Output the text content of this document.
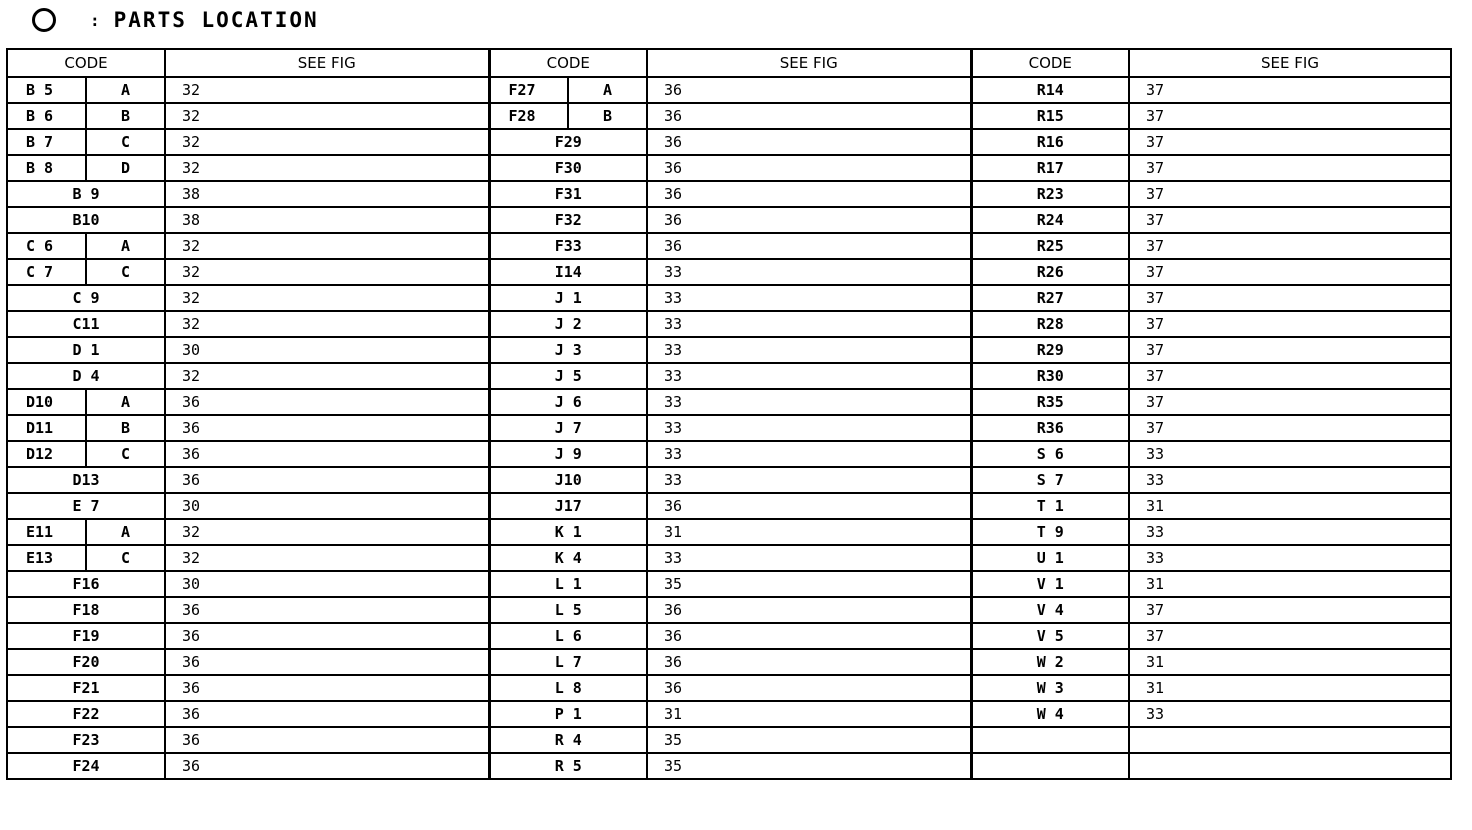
: PARTS LOCATION
CODE		SEE FIG	CODE		SEE FIG	CODE	SEE FIG
B 5	A	32	F27	A	36	R14	37
B 6	B	32	F28	B	36	R15	37
B 7	C	32	F29		36	R16	37
B 8	D	32	F30		36	R17	37
B 9		38	F31		36	R23	37
B10		38	F32		36	R24	37
C 6	A	32	F33		36	R25	37
C 7	C	32	I14		33	R26	37
C 9		32	J 1		33	R27	37
C11		32	J 2		33	R28	37
D 1		30	J 3		33	R29	37
D 4		32	J 5		33	R30	37
D10	A	36	J 6		33	R35	37
D11	B	36	J 7		33	R36	37
D12	C	36	J 9		33	S 6	33
D13		36	J10		33	S 7	33
E 7		30	J17		36	T 1	31
E11	A	32	K 1		31	T 9	33
E13	C	32	K 4		33	U 1	33
F16		30	L 1		35	V 1	31
F18		36	L 5		36	V 4	37
F19		36	L 6		36	V 5	37
F20		36	L 7		36	W 2	31
F21		36	L 8		36	W 3	31
F22		36	P 1		31	W 4	33
F23		36	R 4		35		
F24		36	R 5		35		
